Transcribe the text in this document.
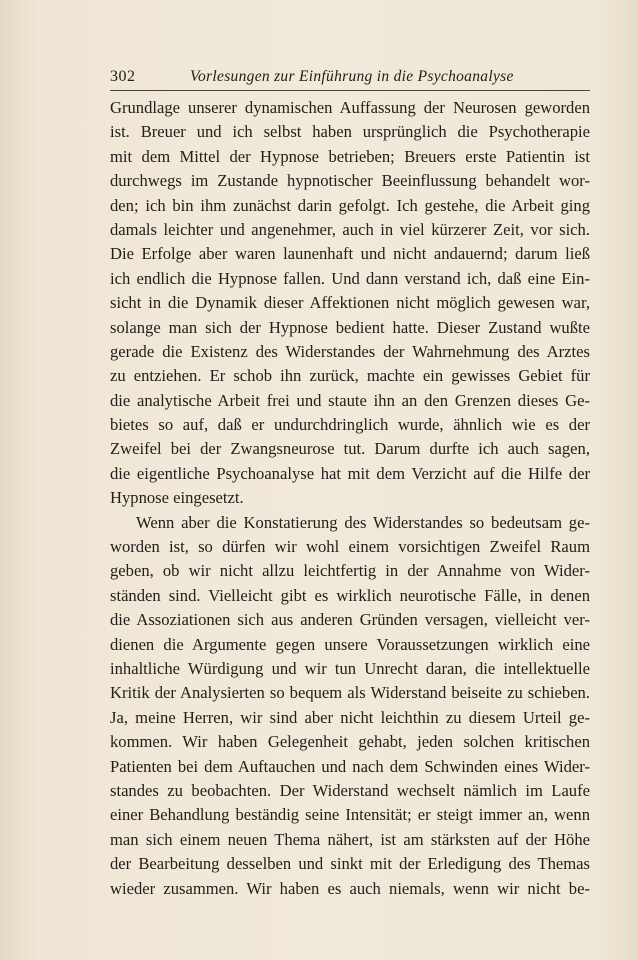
302	Vorlesungen zur Einführung in die Psychoanalyse
Grundlage unserer dynamischen Auffassung der Neurosen geworden
ist. Breuer und ich selbst haben ursprünglich die Psychotherapie
mit dem Mittel der Hypnose betrieben; Breuers erste Patientin ist
durchwegs im Zustande hypnotischer Beeinflussung behandelt wor-
den; ich bin ihm zunächst darin gefolgt. Ich gestehe, die Arbeit ging
damals leichter und angenehmer, auch in viel kürzerer Zeit, vor sich.
Die Erfolge aber waren launenhaft und nicht andauernd; darum ließ
ich endlich die Hypnose fallen. Und dann verstand ich, daß eine Ein-
sicht in die Dynamik dieser Affektionen nicht möglich gewesen war,
solange man sich der Hypnose bedient hatte. Dieser Zustand wußte
gerade die Existenz des Widerstandes der Wahrnehmung des Arztes
zu entziehen. Er schob ihn zurück, machte ein gewisses Gebiet für
die analytische Arbeit frei und staute ihn an den Grenzen dieses Ge-
bietes so auf, daß er undurchdringlich wurde, ähnlich wie es der
Zweifel bei der Zwangsneurose tut. Darum durfte ich auch sagen,
die eigentliche Psychoanalyse hat mit dem Verzicht auf die Hilfe der
Hypnose eingesetzt.
Wenn aber die Konstatierung des Widerstandes so bedeutsam ge-
worden ist, so dürfen wir wohl einem vorsichtigen Zweifel Raum
geben, ob wir nicht allzu leichtfertig in der Annahme von Wider-
ständen sind. Vielleicht gibt es wirklich neurotische Fälle, in denen
die Assoziationen sich aus anderen Gründen versagen, vielleicht ver-
dienen die Argumente gegen unsere Voraussetzungen wirklich eine
inhaltliche Würdigung und wir tun Unrecht daran, die intellektuelle
Kritik der Analysierten so bequem als Widerstand beiseite zu schieben.
Ja, meine Herren, wir sind aber nicht leichthin zu diesem Urteil ge-
kommen. Wir haben Gelegenheit gehabt, jeden solchen kritischen
Patienten bei dem Auftauchen und nach dem Schwinden eines Wider-
standes zu beobachten. Der Widerstand wechselt nämlich im Laufe
einer Behandlung beständig seine Intensität; er steigt immer an, wenn
man sich einem neuen Thema nähert, ist am stärksten auf der Höhe
der Bearbeitung desselben und sinkt mit der Erledigung des Themas
wieder zusammen. Wir haben es auch niemals, wenn wir nicht be-
